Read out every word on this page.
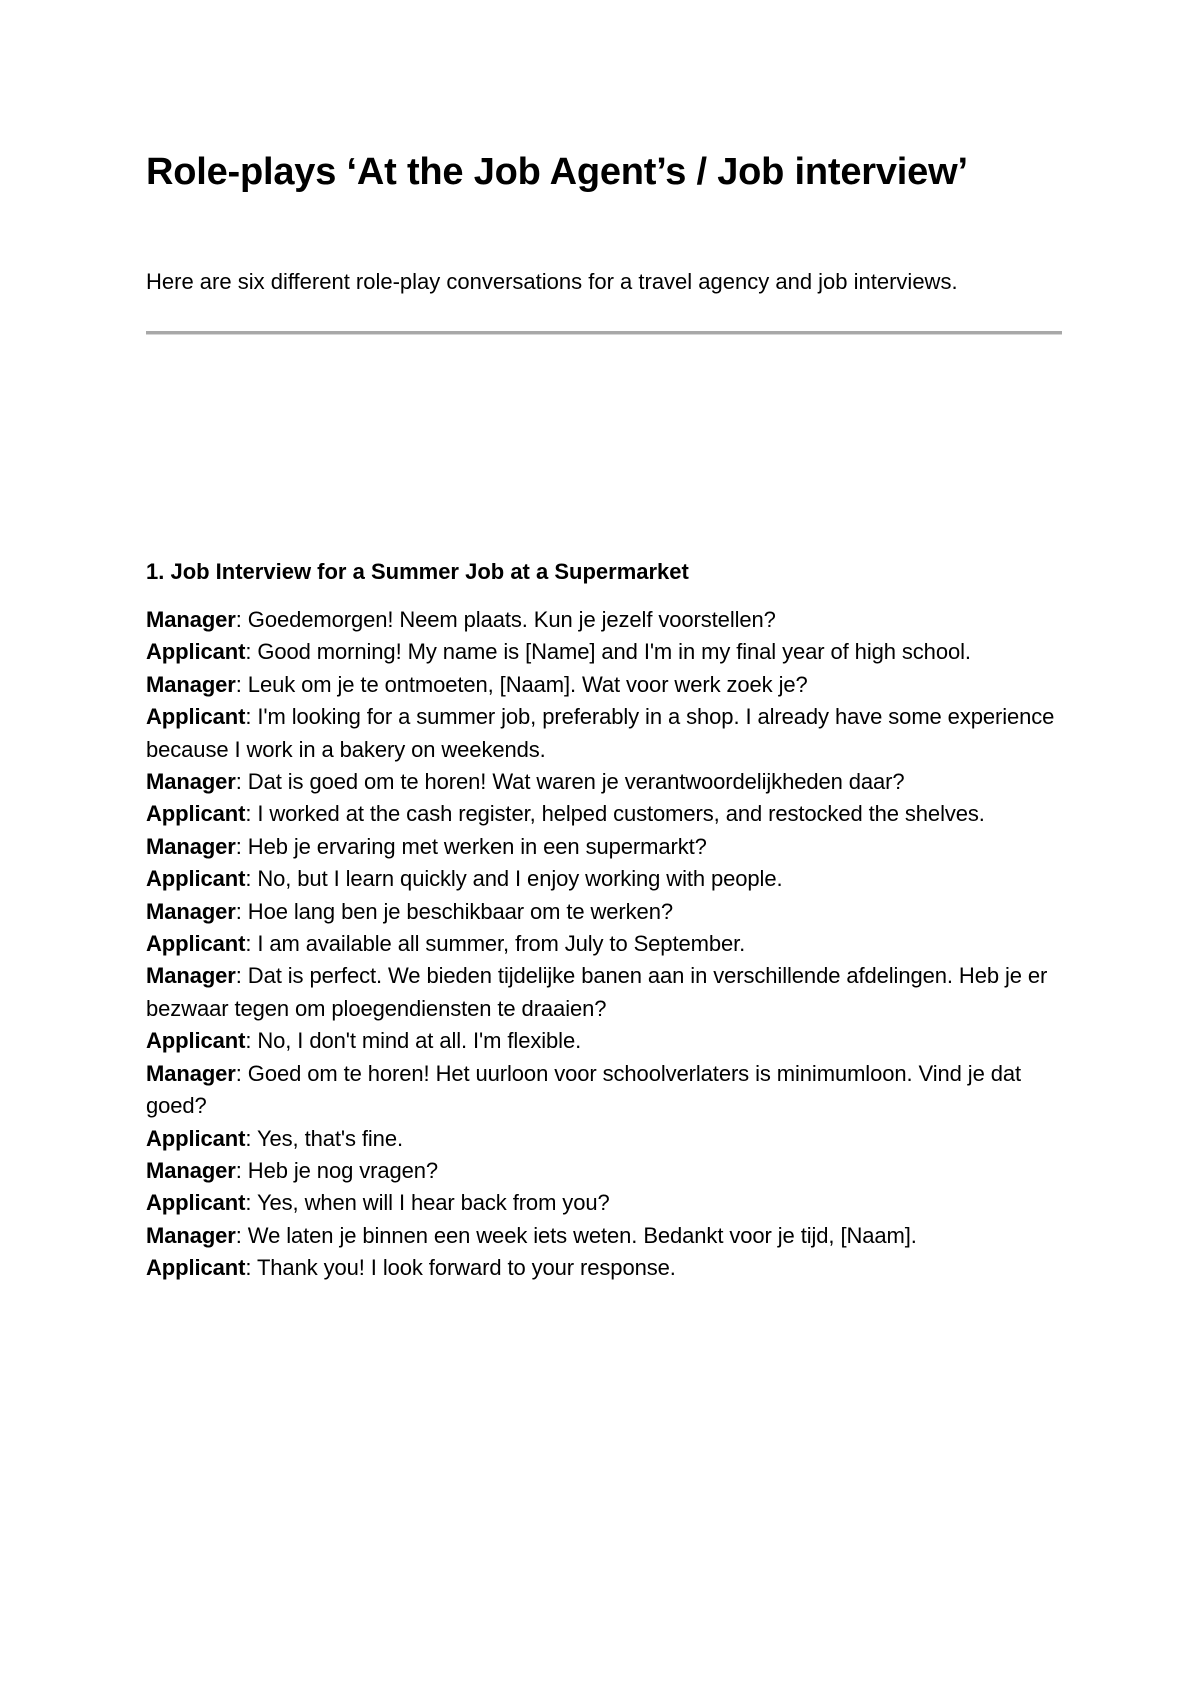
Role-plays ‘At the Job Agent’s / Job interview’

Here are six different role-play conversations for a travel agency and job interviews.

1. Job Interview for a Summer Job at a Supermarket

Manager: Goedemorgen! Neem plaats. Kun je jezelf voorstellen?

Applicant: Good morning! My name is [Name] and I'm in my final year of high school.

Manager: Leuk om je te ontmoeten, [Naam]. Wat voor werk zoek je?

Applicant: I'm looking for a summer job, preferably in a shop. I already have some experience because I work in a bakery on weekends.

Manager: Dat is goed om te horen! Wat waren je verantwoordelijkheden daar?

Applicant: I worked at the cash register, helped customers, and restocked the shelves.

Manager: Heb je ervaring met werken in een supermarkt?

Applicant: No, but I learn quickly and I enjoy working with people.

Manager: Hoe lang ben je beschikbaar om te werken?

Applicant: I am available all summer, from July to September.

Manager: Dat is perfect. We bieden tijdelijke banen aan in verschillende afdelingen. Heb je er bezwaar tegen om ploegendiensten te draaien?

Applicant: No, I don't mind at all. I'm flexible.

Manager: Goed om te horen! Het uurloon voor schoolverlaters is minimumloon. Vind je dat goed?

Applicant: Yes, that's fine.

Manager: Heb je nog vragen?

Applicant: Yes, when will I hear back from you?

Manager: We laten je binnen een week iets weten. Bedankt voor je tijd, [Naam].

Applicant: Thank you! I look forward to your response.
